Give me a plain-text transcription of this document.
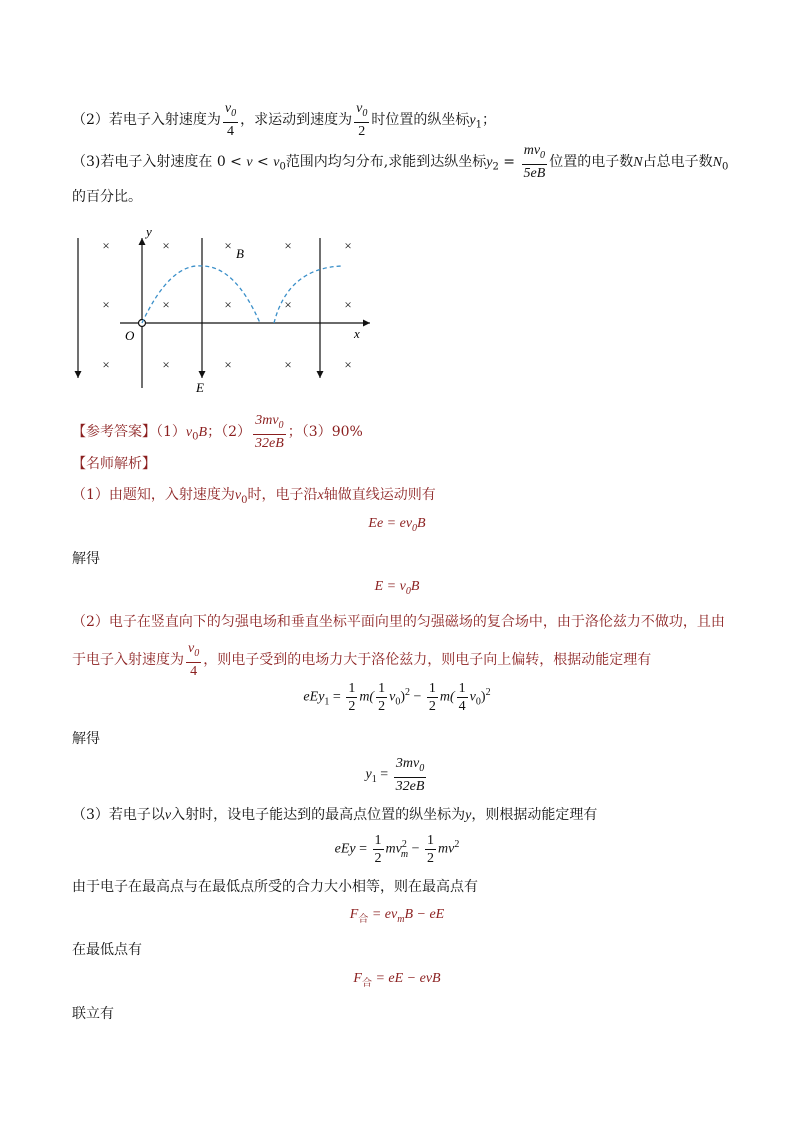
（2）若电子入射速度为 $\frac{v_0}{4}$ ，求运动到速度为 $\frac{v_0}{2}$ 时位置的纵坐标$y_1$；
（3)若电子入射速度在 $0 < v < v_0$范围内均匀分布,求能到达纵坐标$y_2 = \frac{mv_0}{5eB}$ 位置的电子数N占总电子数$N_0$
的百分比。
×	×	×	×	×
×	×	×	×	×
×	×	×	×	×
y
x
O
B
E
【参考答案】$(1)v_0B$；$(2) \frac{3mv_0}{32eB}$ ；（3）90%
【名师解析】
（1）由题知，入射速度为$v_0$时，电子沿x轴做直线运动则有
$Ee = ev_0B$
解得
$E = v_0B$
（2）电子在竖直向下的匀强电场和垂直坐标平面向里的匀强磁场的复合场中，由于洛伦兹力不做功，且由
于电子入射速度为 $\frac{v_0}{4}$ ，则电子受到的电场力大于洛伦兹力，则电子向上偏转，根据动能定理有
$eEy_1 = \frac{1}{2} m( \frac{1}{2} v_0)^2 - \frac{1}{2} m( \frac{1}{4} v_0)^2$
解得
$y_1 = \frac{3mv_0}{32eB}$
（3）若电子以v入射时，设电子能达到的最高点位置的纵坐标为y，则根据动能定理有
eEy = $\frac{1}{2} mv^2_m - \frac{1}{2} mv^2$
由于电子在最高点与在最低点所受的合力大小相等，则在最高点有
$F_合 = ev_mB$ − eE
在最低点有
$F_合$ = eE − evB
联立有
